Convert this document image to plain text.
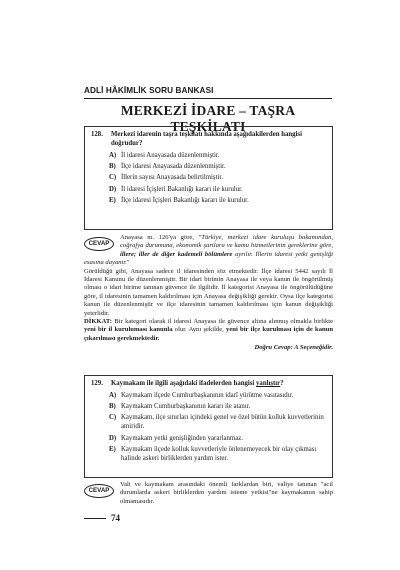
ADLİ HÂKİMLİK SORU BANKASI
MERKEZİ İDARE – TAŞRA TEŞKİLATI
128.	Merkezi idarenin taşra teşkilatı hakkında aşağıdakilerden hangisi doğrudur?
A) İl idaresi Anayasada düzenlenmiştir.
B) İlçe idaresi Anayasada düzenlenmiştir.
C) İllerin sayısı Anayasada belirtilmiştir.
D) İl idaresi İçişleri Bakanlığı kararı ile kurulur.
E) İlçe idaresi İçişleri Bakanlığı kararı ile kurulur.
CEVAP

Anayasa m. 126'ya göre, "Türkiye, merkezi idare kuruluşu bakamından, coğrafya durumuna, ekonomik şartlara ve kamu hizmetlerinin gereklerine göre, illere; iller de diğer kademeli bölümlere ayrılır. İllerin idaresi yetki genişliği esasına dayanır."

Görüldüğü gibi, Anayasa sadece il idaresinden söz etmektedir. İlçe idaresi 5442 sayılı İl İdaresi Kanunu ile düzenlenmiştir. Bir idari birimin Anayasa ile veya kanun ile öngörülmüş olması o idari birime tanınan güvence ile ilgilidir. İl kategorisi Anayasa ile öngörülüdüğüne göre, il idaresinin tamamen kaldırılması için Anayasa değişikliği gerekir. Oysa ilçe kategorisi kanun ile düzenlenmiştir ve ilçe idaresinin tamamen kaldırılması için kanun değişikliği yeterlidir.

DİKKAT: Bir kategori olarak il idaresi Anayasa ile güvence altına alınmış olmakla birlikte yeni bir il kuruluması kanunla olur. Aynı şekilde, yeni bir ilçe kurulması için de kanun çıkarılması gerekmektedir.

Doğru Cevap: A Seçeneğidir.

129.	Kaymakam ile ilgili aşağıdaki ifadelerden hangisi yanlıştır?
A) Kaymakam ilçede Cumhurbaşkanının idarî yürütme vasıtasıdır.
B) Kaymakam Cumhurbaşkanının kararı ile atanır.
C) Kaymakam, ilçe sınırları içindeki genel ve özel bütün kolluk kuvvetlerinin amiridir.
D) Kaymakam yetki genişliğinden yararlanmaz.
E) Kaymakam ilçede kolluk kuvvetleriyle önlenemeyecek bir olay çıkması halinde askeri birliklerden yardım ister.
CEVAP

Vali ve kaymakam arasındaki önemli farklardan biri, valiye tanınan "acil durumlarda askeri birliklerden yardım isteme yetkisi"ne kaymakamın sahip olmamasıdır.

74
